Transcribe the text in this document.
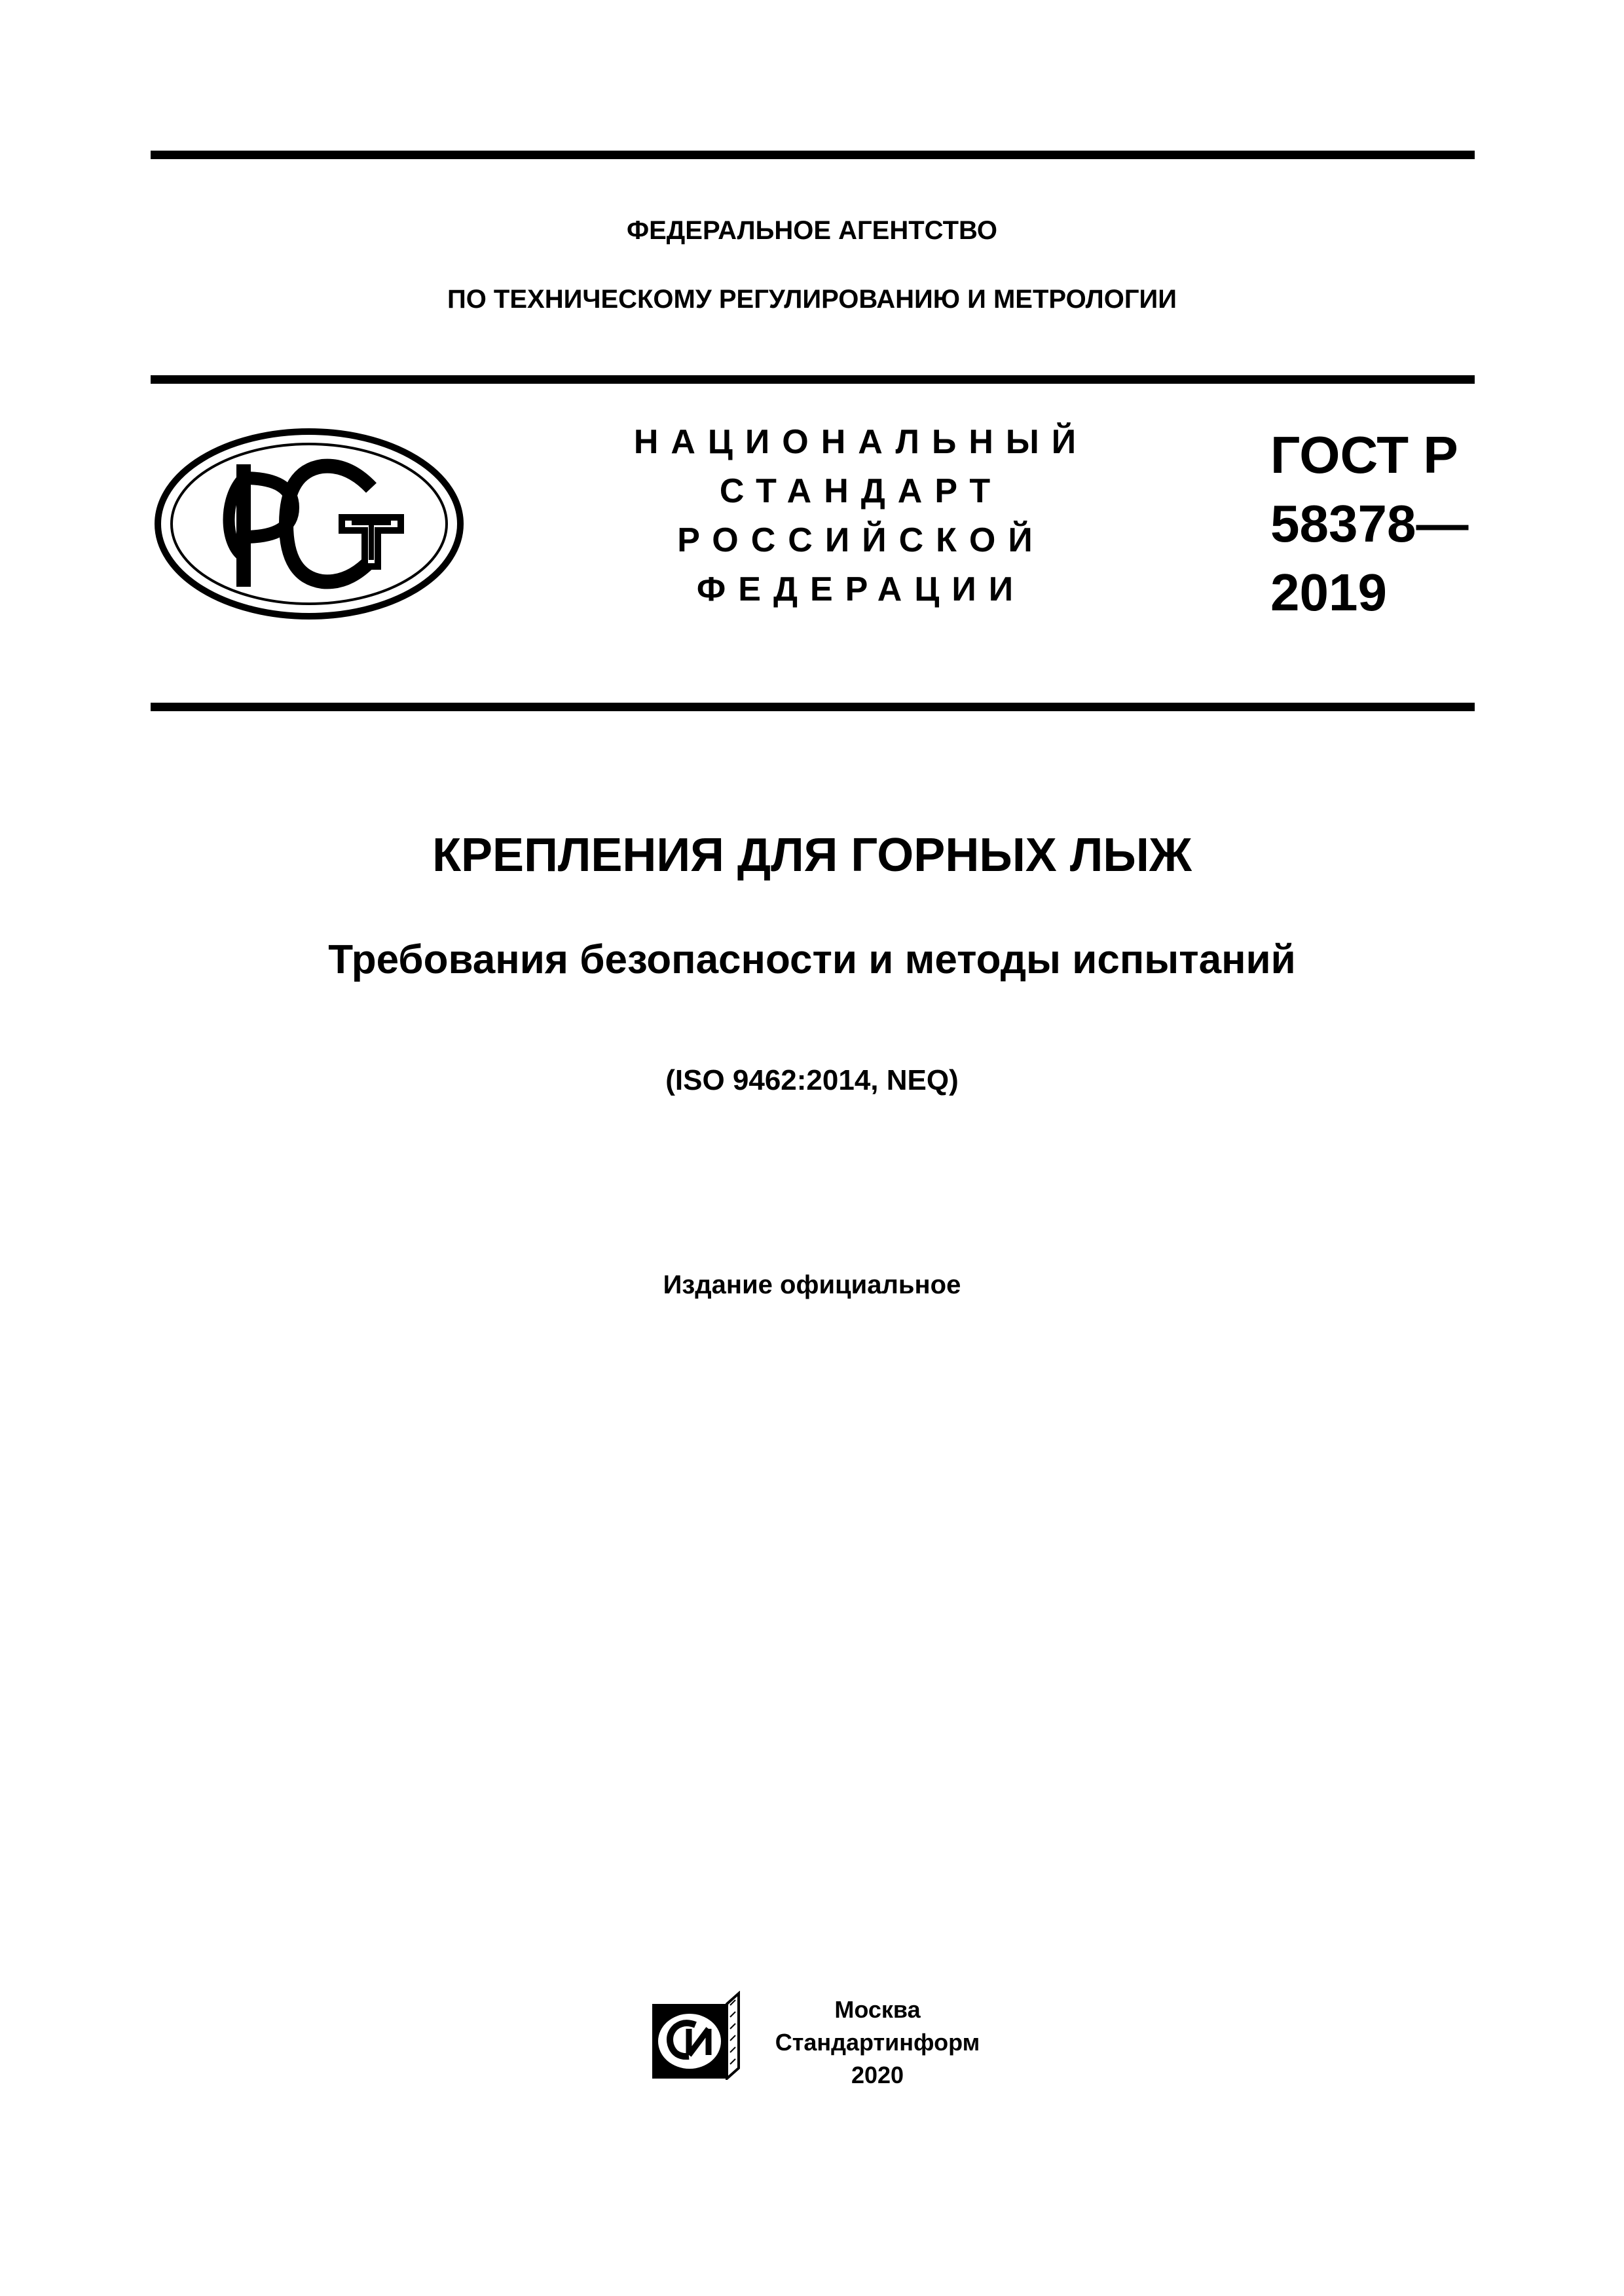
ФЕДЕРАЛЬНОЕ АГЕНТСТВО
ПО ТЕХНИЧЕСКОМУ РЕГУЛИРОВАНИЮ И МЕТРОЛОГИИ
НАЦИОНАЛЬНЫЙ
СТАНДАРТ
РОССИЙСКОЙ
ФЕДЕРАЦИИ
ГОСТ Р
58378—
2019
КРЕПЛЕНИЯ ДЛЯ ГОРНЫХ ЛЫЖ
Требования безопасности и методы испытаний
(ISO 9462:2014, NEQ)
Издание официальное
Москва
Стандартинформ
2020
